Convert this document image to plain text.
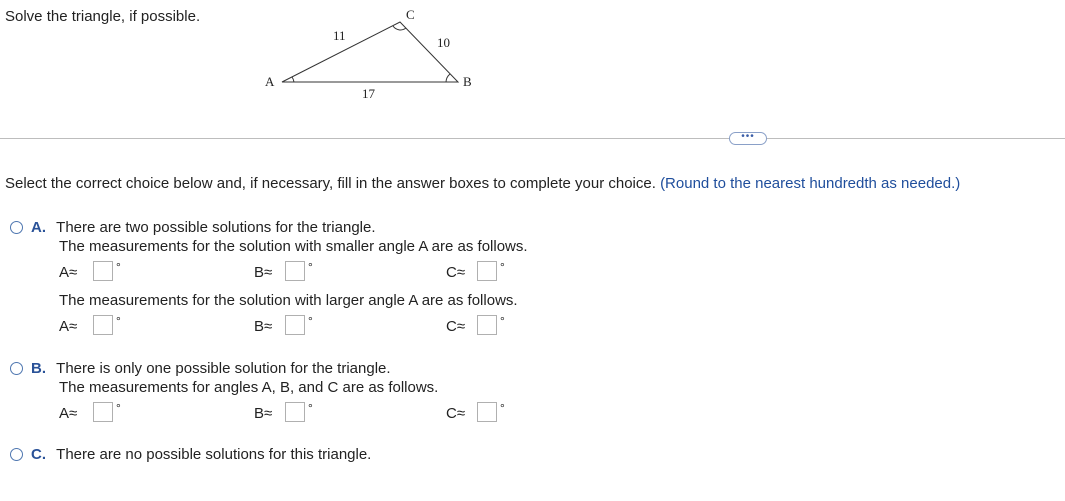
Solve the triangle, if possible.
A	B
C
11	10
17
•••
Select the correct choice below and, if necessary, fill in the answer boxes to complete your choice. (Round to the nearest hundredth as needed.)
A. There are two possible solutions for the triangle.
The measurements for the solution with smaller angle A are as follows.
A≈	°	B≈	°	C≈	°
The measurements for the solution with larger angle A are as follows.
A≈	°	B≈	°	C≈	°
B. There is only one possible solution for the triangle.
The measurements for angles A, B, and C are as follows.
A≈	°	B≈	°	C≈	°
C. There are no possible solutions for this triangle.
